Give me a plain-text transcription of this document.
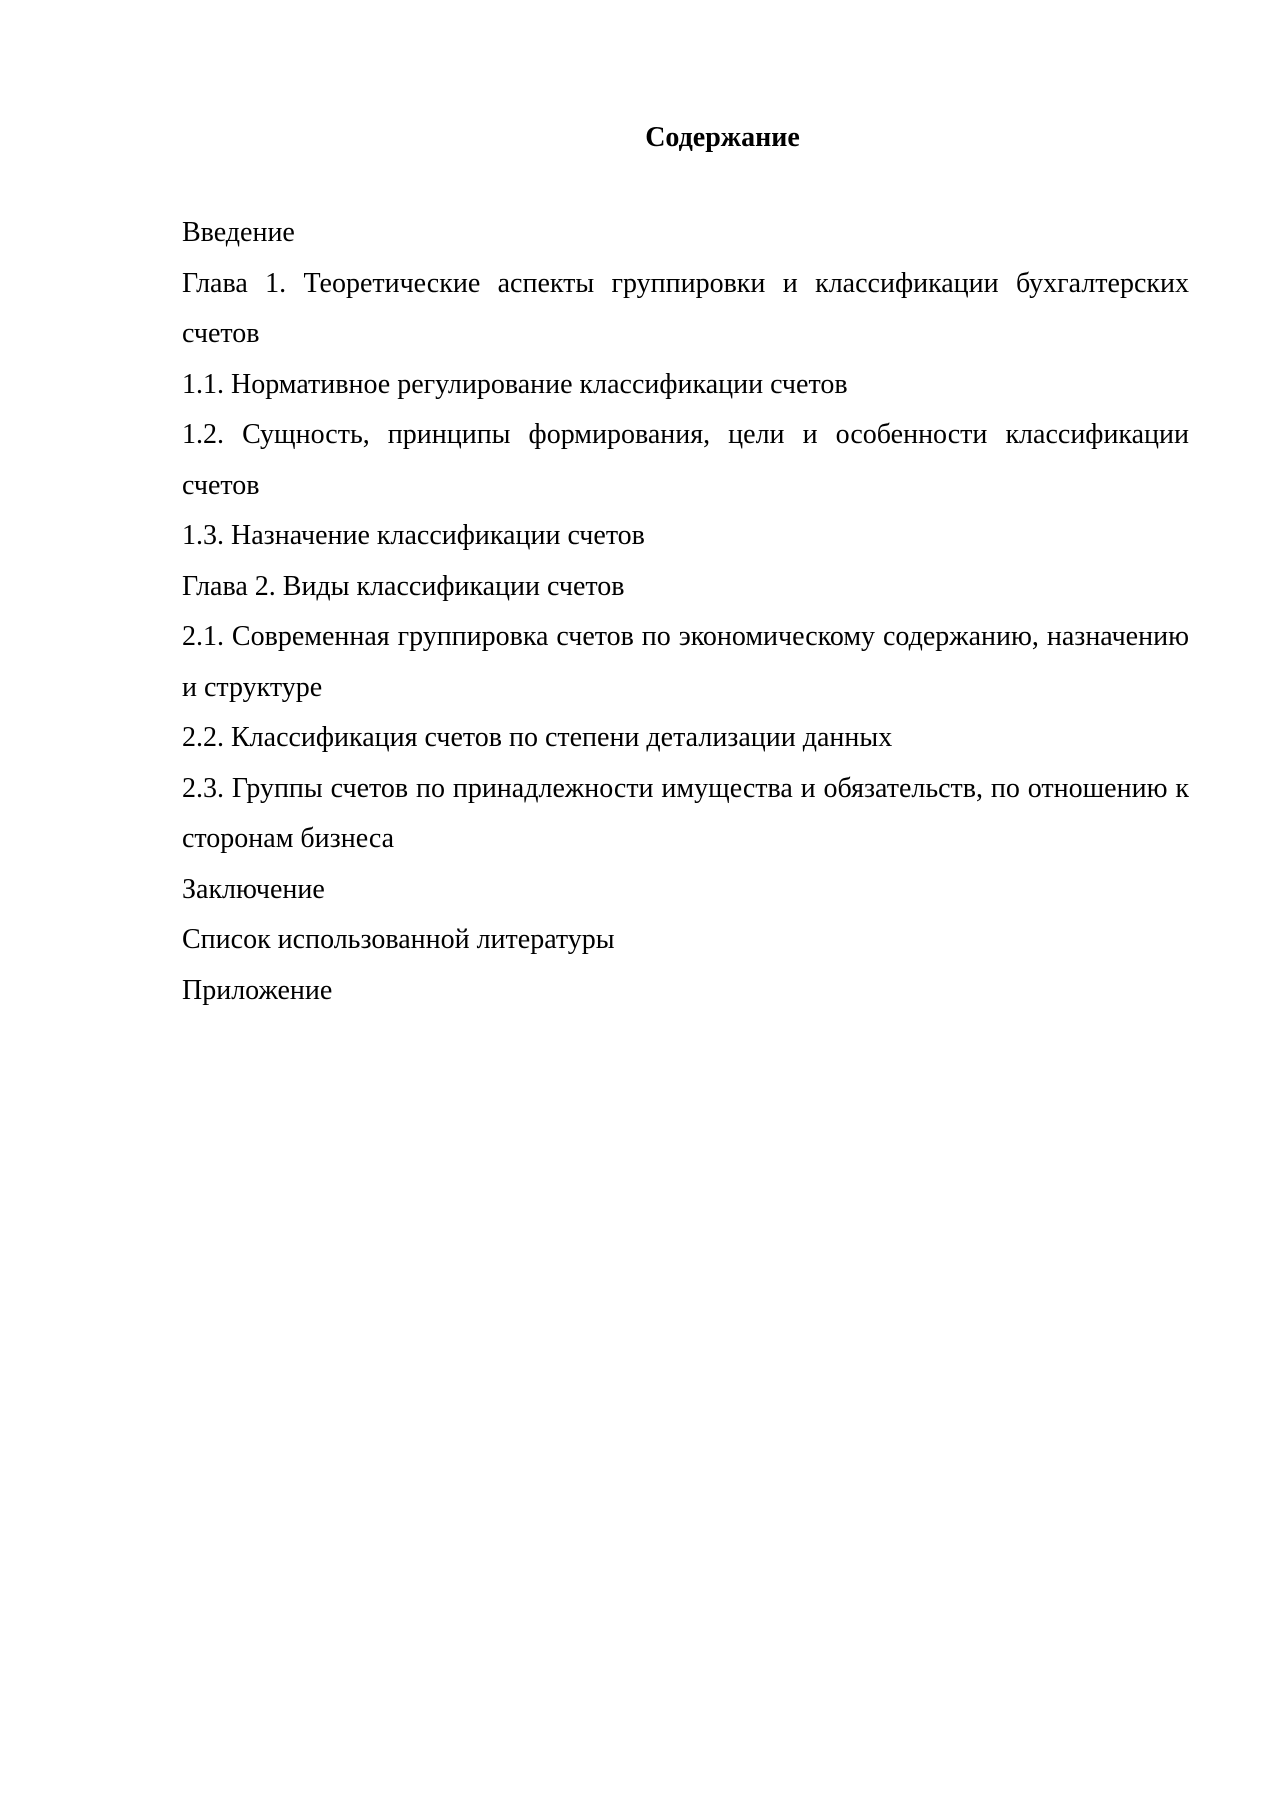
Содержание

Введение

Глава 1. Теоретические аспекты группировки и классификации бухгалтерских счетов

1.1. Нормативное регулирование классификации счетов

1.2. Сущность, принципы формирования, цели и особенности классификации счетов

1.3. Назначение классификации счетов

Глава 2. Виды классификации счетов

2.1. Современная группировка счетов по экономическому содержанию, назначению и структуре

2.2. Классификация счетов по степени детализации данных

2.3. Группы счетов по принадлежности имущества и обязательств, по отношению к сторонам бизнеса

Заключение

Список использованной литературы

Приложение
